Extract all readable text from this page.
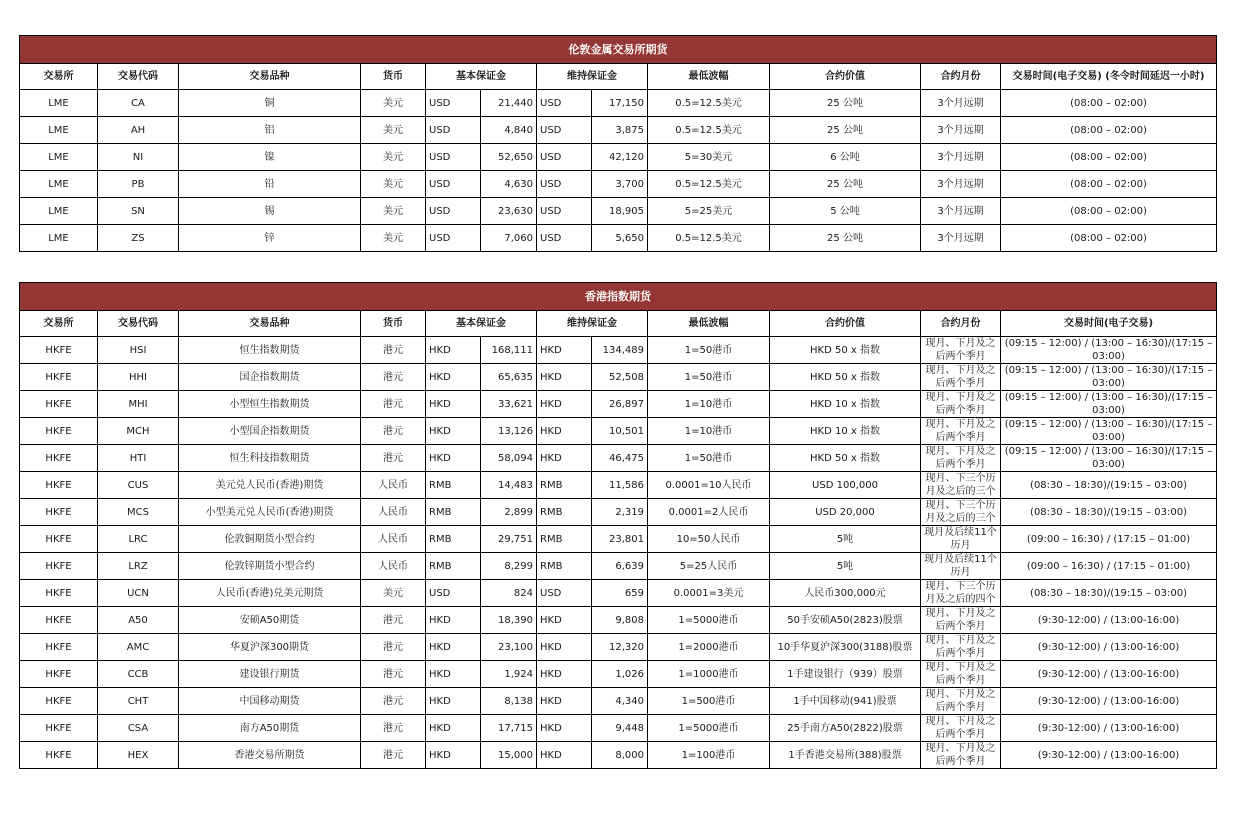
伦敦金属交易所期货											
交易所	交易代码	交易品种	货币	基本保证金		维持保证金		最低波幅	合约价值	合约月份	交易时间(电子交易) (冬令时间延迟一小时)
LME	CA	铜	美元	USD	21,440	USD	17,150	0.5=12.5美元	25 公吨	3个月远期	(08:00 – 02:00)

LME	AH	铝	美元	USD	4,840	USD	3,875	0.5=12.5美元	25 公吨	3个月远期	(08:00 – 02:00)

LME	NI	镍	美元	USD	52,650	USD	42,120	5=30美元	6 公吨	3个月远期	(08:00 – 02:00)

LME	PB	铅	美元	USD	4,630	USD	3,700	0.5=12.5美元	25 公吨	3个月远期	(08:00 – 02:00)

LME	SN	锡	美元	USD	23,630	USD	18,905	5=25美元	5 公吨	3个月远期	(08:00 – 02:00)

LME	ZS	锌	美元	USD	7,060	USD	5,650	0.5=12.5美元	25 公吨	3个月远期	(08:00 – 02:00)
香港指数期货											
交易所	交易代码	交易品种	货币	基本保证金		维持保证金		最低波幅	合约价值	合约月份	交易时间(电子交易)
HKFE	HSI	恒生指数期货	港元	HKD	168,111	HKD	134,489	1=50港币	HKD 50 x 指数	现月、下月及之后两个季月	(09:15 – 12:00) / (13:00 – 16:30)/(17:15 – 03:00)

HKFE	HHI	国企指数期货	港元	HKD	65,635	HKD	52,508	1=50港币	HKD 50 x 指数	现月、下月及之后两个季月	(09:15 – 12:00) / (13:00 – 16:30)/(17:15 – 03:00)

HKFE	MHI	小型恒生指数期货	港元	HKD	33,621	HKD	26,897	1=10港币	HKD 10 x 指数	现月、下月及之后两个季月	(09:15 – 12:00) / (13:00 – 16:30)/(17:15 – 03:00)

HKFE	MCH	小型国企指数期货	港元	HKD	13,126	HKD	10,501	1=10港币	HKD 10 x 指数	现月、下月及之后两个季月	(09:15 – 12:00) / (13:00 – 16:30)/(17:15 – 03:00)

HKFE	HTI	恒生科技指数期货	港元	HKD	58,094	HKD	46,475	1=50港币	HKD 50 x 指数	现月、下月及之后两个季月	(09:15 – 12:00) / (13:00 – 16:30)/(17:15 – 03:00)

HKFE	CUS	美元兑人民币(香港)期货	人民币	RMB	14,483	RMB	11,586	0.0001=10人民币	USD 100,000	现月、下三个历月及之后的三个	(08:30 – 18:30)/(19:15 – 03:00)

HKFE	MCS	小型美元兑人民币(香港)期货	人民币	RMB	2,899	RMB	2,319	0.0001=2人民币	USD 20,000	现月、下三个历月及之后的三个	(08:30 – 18:30)/(19:15 – 03:00)

HKFE	LRC	伦敦铜期货小型合约	人民币	RMB	29,751	RMB	23,801	10=50人民币	5吨	现月及后续11个历月	(09:00 – 16:30) / (17:15 – 01:00)

HKFE	LRZ	伦敦锌期货小型合约	人民币	RMB	8,299	RMB	6,639	5=25人民币	5吨	现月及后续11个历月	(09:00 – 16:30) / (17:15 – 01:00)

HKFE	UCN	人民币(香港)兑美元期货	美元	USD	824	USD	659	0.0001=3美元	人民币300,000元	现月、下三个历月及之后的四个	(08:30 – 18:30)/(19:15 – 03:00)

HKFE	A50	安硕A50期货	港元	HKD	18,390	HKD	9,808	1=5000港币	50手安硕A50(2823)股票	现月、下月及之后两个季月	(9:30-12:00) / (13:00-16:00)

HKFE	AMC	华夏沪深300期货	港元	HKD	23,100	HKD	12,320	1=2000港币	10手华夏沪深300(3188)股票	现月、下月及之后两个季月	(9:30-12:00) / (13:00-16:00)

HKFE	CCB	建设银行期货	港元	HKD	1,924	HKD	1,026	1=1000港币	1手建设银行（939）股票	现月、下月及之后两个季月	(9:30-12:00) / (13:00-16:00)

HKFE	CHT	中国移动期货	港元	HKD	8,138	HKD	4,340	1=500港币	1手中国移动(941)股票	现月、下月及之后两个季月	(9:30-12:00) / (13:00-16:00)

HKFE	CSA	南方A50期货	港元	HKD	17,715	HKD	9,448	1=5000港币	25手南方A50(2822)股票	现月、下月及之后两个季月	(9:30-12:00) / (13:00-16:00)

HKFE	HEX	香港交易所期货	港元	HKD	15,000	HKD	8,000	1=100港币	1手香港交易所(388)股票	现月、下月及之后两个季月	(9:30-12:00) / (13:00-16:00)
